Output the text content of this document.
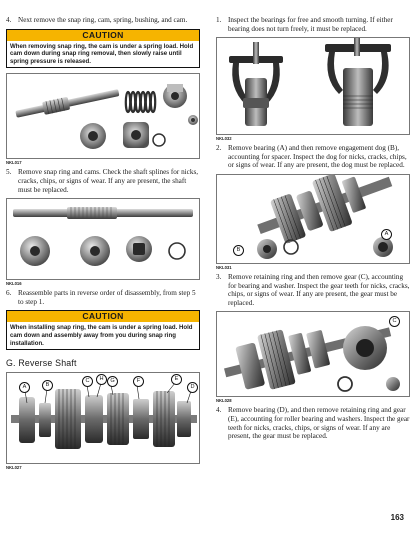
4. Next remove the snap ring, cam, spring, bushing, and cam.

CAUTION
When removing snap ring, the cam is under a spring load. Hold cam down during snap ring removal, then slowly raise until spring pressure is released.
NKL017

5. Remove snap ring and cams. Check the shaft splines for nicks, cracks, chips, or signs of wear. If any are present, the shaft must be replaced.

NKL016

6. Reassemble parts in reverse order of disassembly, from step 5 to step 1.

CAUTION
When installing snap ring, the cam is under a spring load. Hold cam down and assembly away from you during snap ring installation.

G. Reverse Shaft

A	B
C	H	G	F	E
D
NKL027

1. Inspect the bearings for free and smooth turning. If either bearing does not turn freely, it must be replaced.

NKL032

2. Remove bearing (A) and then remove engagement dog (B), accounting for spacer. Inspect the dog for nicks, cracks, chips, or signs of wear. If any are present, the dog must be replaced.

B
A
NKL031

3. Remove retaining ring and then remove gear (C), accounting for bearing and washer. Inspect the gear teeth for nicks, cracks, chips, or signs of wear. If any are present, the gear must be replaced.

C
NKL028

4. Remove bearing (D), and then remove retaining ring and gear (E), accounting for roller bearing and washers. Inspect the gear teeth for nicks, cracks, chips, or signs of wear. If any are present, the gear must be replaced.

163
